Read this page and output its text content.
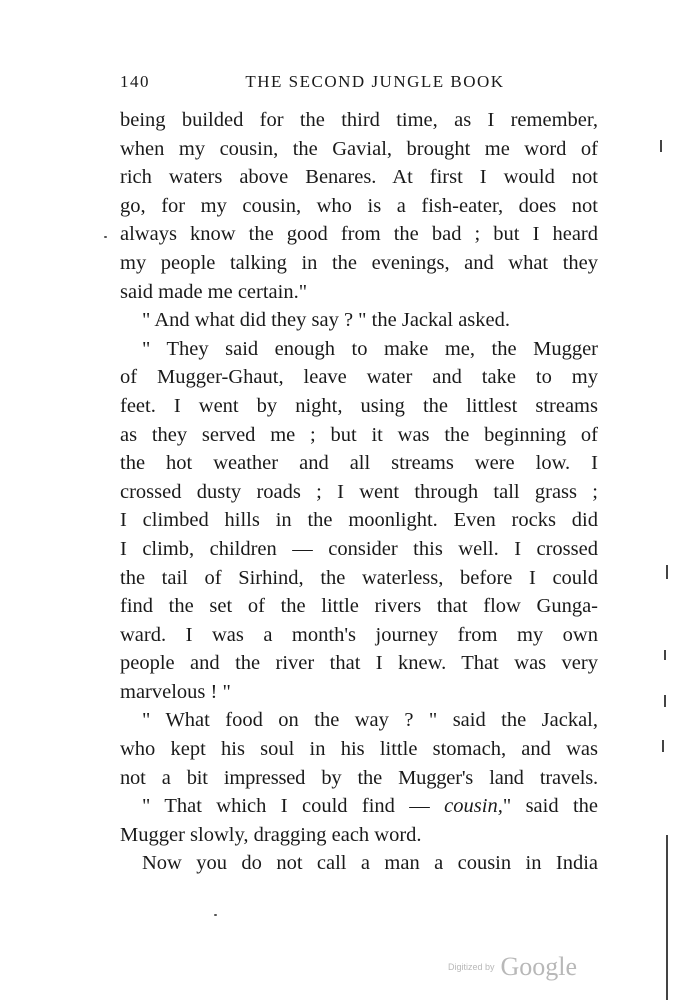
140	THE SECOND JUNGLE BOOK
being builded for the third time, as I remember,
when my cousin, the Gavial, brought me word of
rich waters above Benares. At first I would not
go, for my cousin, who is a fish-eater, does not
always know the good from the bad ; but I heard
my people talking in the evenings, and what they
said made me certain."
" And what did they say ? " the Jackal asked.
" They said enough to make me, the Mugger
of Mugger-Ghaut, leave water and take to my
feet. I went by night, using the littlest streams
as they served me ; but it was the beginning of
the hot weather and all streams were low. I
crossed dusty roads ; I went through tall grass ;
I climbed hills in the moonlight. Even rocks did
I climb, children — consider this well. I crossed
the tail of Sirhind, the waterless, before I could
find the set of the little rivers that flow Gunga-
ward. I was a month's journey from my own
people and the river that I knew. That was very
marvelous ! "
" What food on the way ? " said the Jackal,
who kept his soul in his little stomach, and was
not a bit impressed by the Mugger's land travels.
" That which I could find — cousin," said the
Mugger slowly, dragging each word.
Now you do not call a man a cousin in India
Digitized by Google
